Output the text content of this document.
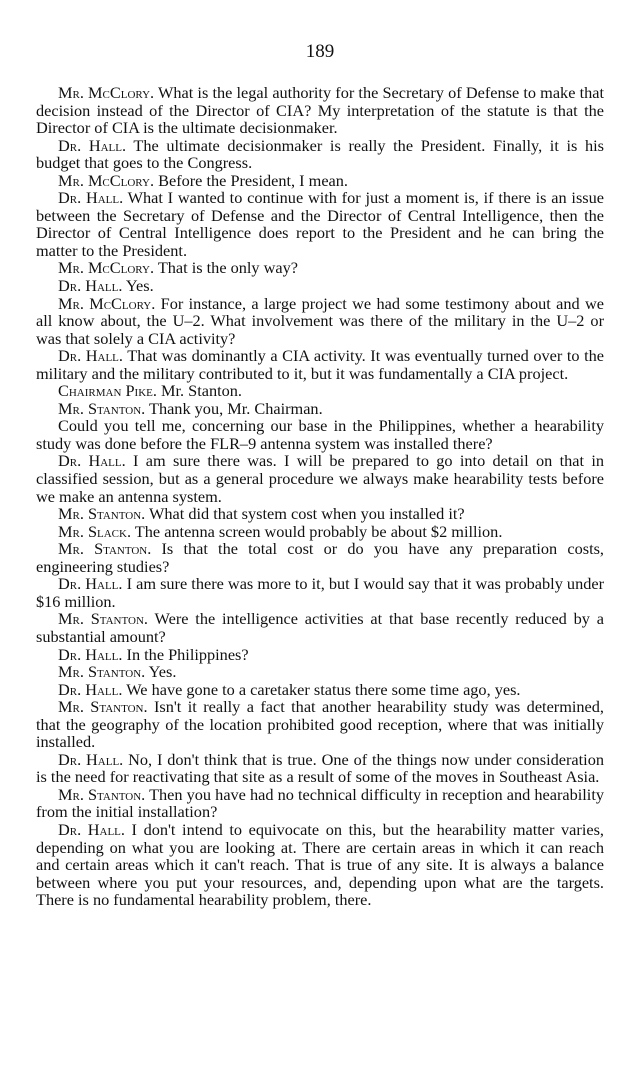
189

Mr. McClory. What is the legal authority for the Secretary of Defense to make that decision instead of the Director of CIA? My interpretation of the statute is that the Director of CIA is the ultimate decisionmaker.

Dr. Hall. The ultimate decisionmaker is really the President. Finally, it is his budget that goes to the Congress.

Mr. McClory. Before the President, I mean.

Dr. Hall. What I wanted to continue with for just a moment is, if there is an issue between the Secretary of Defense and the Director of Central Intelligence, then the Director of Central Intelligence does report to the President and he can bring the matter to the President.

Mr. McClory. That is the only way?

Dr. Hall. Yes.

Mr. McClory. For instance, a large project we had some testimony about and we all know about, the U–2. What involvement was there of the military in the U–2 or was that solely a CIA activity?

Dr. Hall. That was dominantly a CIA activity. It was eventually turned over to the military and the military contributed to it, but it was fundamentally a CIA project.

Chairman Pike. Mr. Stanton.

Mr. Stanton. Thank you, Mr. Chairman.

Could you tell me, concerning our base in the Philippines, whether a hearability study was done before the FLR–9 antenna system was installed there?

Dr. Hall. I am sure there was. I will be prepared to go into detail on that in classified session, but as a general procedure we always make hearability tests before we make an antenna system.

Mr. Stanton. What did that system cost when you installed it?

Mr. Slack. The antenna screen would probably be about $2 million.

Mr. Stanton. Is that the total cost or do you have any preparation costs, engineering studies?

Dr. Hall. I am sure there was more to it, but I would say that it was probably under $16 million.

Mr. Stanton. Were the intelligence activities at that base recently reduced by a substantial amount?

Dr. Hall. In the Philippines?

Mr. Stanton. Yes.

Dr. Hall. We have gone to a caretaker status there some time ago, yes.

Mr. Stanton. Isn't it really a fact that another hearability study was determined, that the geography of the location prohibited good reception, where that was initially installed.

Dr. Hall. No, I don't think that is true. One of the things now under consideration is the need for reactivating that site as a result of some of the moves in Southeast Asia.

Mr. Stanton. Then you have had no technical difficulty in reception and hearability from the initial installation?

Dr. Hall. I don't intend to equivocate on this, but the hearability matter varies, depending on what you are looking at. There are certain areas in which it can reach and certain areas which it can't reach. That is true of any site. It is always a balance between where you put your resources, and, depending upon what are the targets. There is no fundamental hearability problem, there.
